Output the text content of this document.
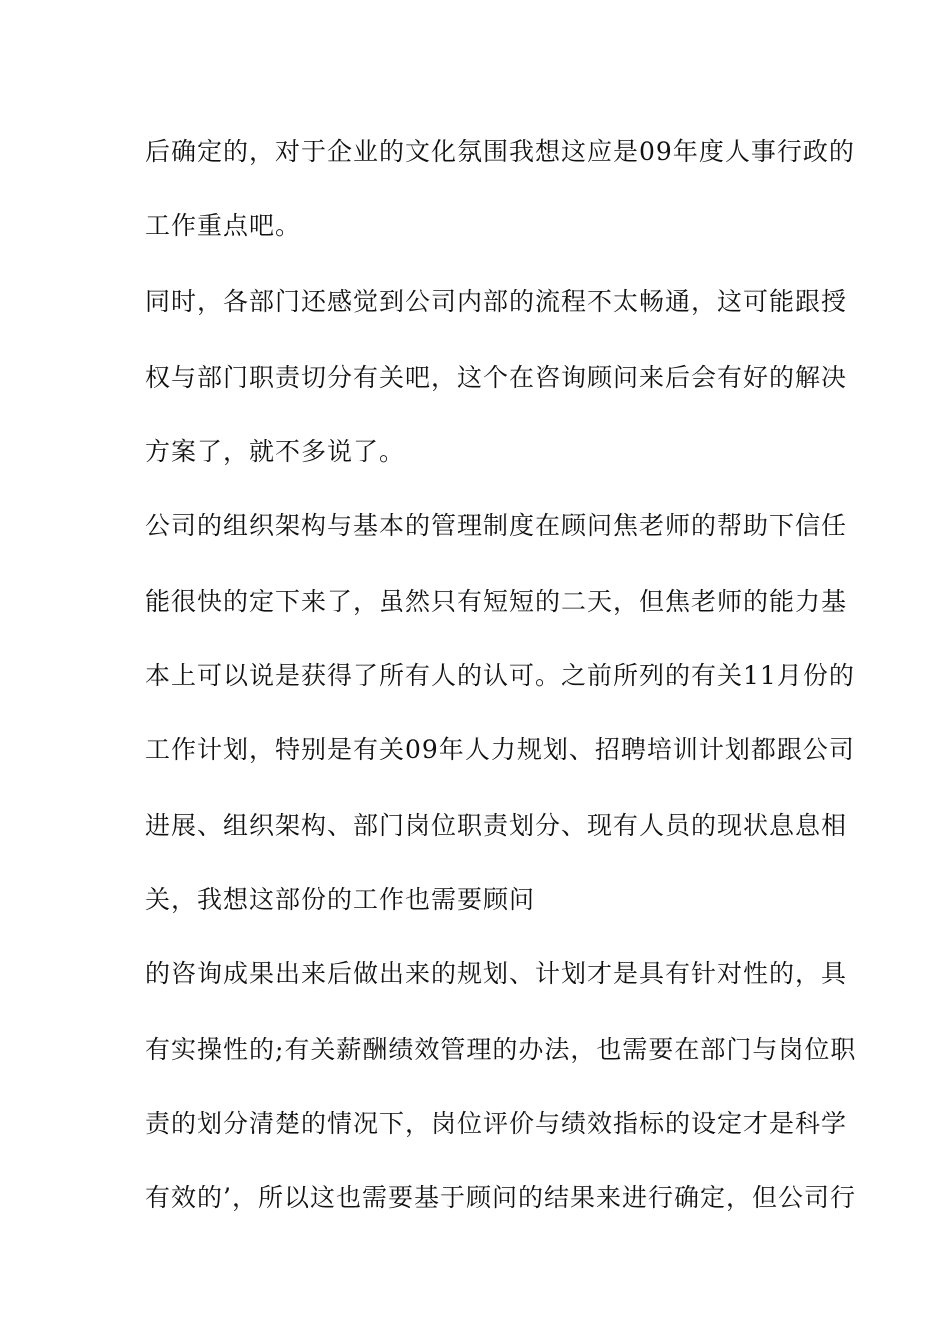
后确定的，对于企业的文化氛围我想这应是09年度人事行政的
工作重点吧。
同时，各部门还感觉到公司内部的流程不太畅通，这可能跟授
权与部门职责切分有关吧，这个在咨询顾问来后会有好的解决
方案了，就不多说了。
公司的组织架构与基本的管理制度在顾问焦老师的帮助下信任
能很快的定下来了，虽然只有短短的二天，但焦老师的能力基
本上可以说是获得了所有人的认可。之前所列的有关11月份的
工作计划，特别是有关09年人力规划、招聘培训计划都跟公司
进展、组织架构、部门岗位职责划分、现有人员的现状息息相
关，我想这部份的工作也需要顾问
的咨询成果出来后做出来的规划、计划才是具有针对性的，具
有实操性的;有关薪酬绩效管理的办法，也需要在部门与岗位职
责的划分清楚的情况下，岗位评价与绩效指标的设定才是科学
有效的’，所以这也需要基于顾问的结果来进行确定，但公司行
